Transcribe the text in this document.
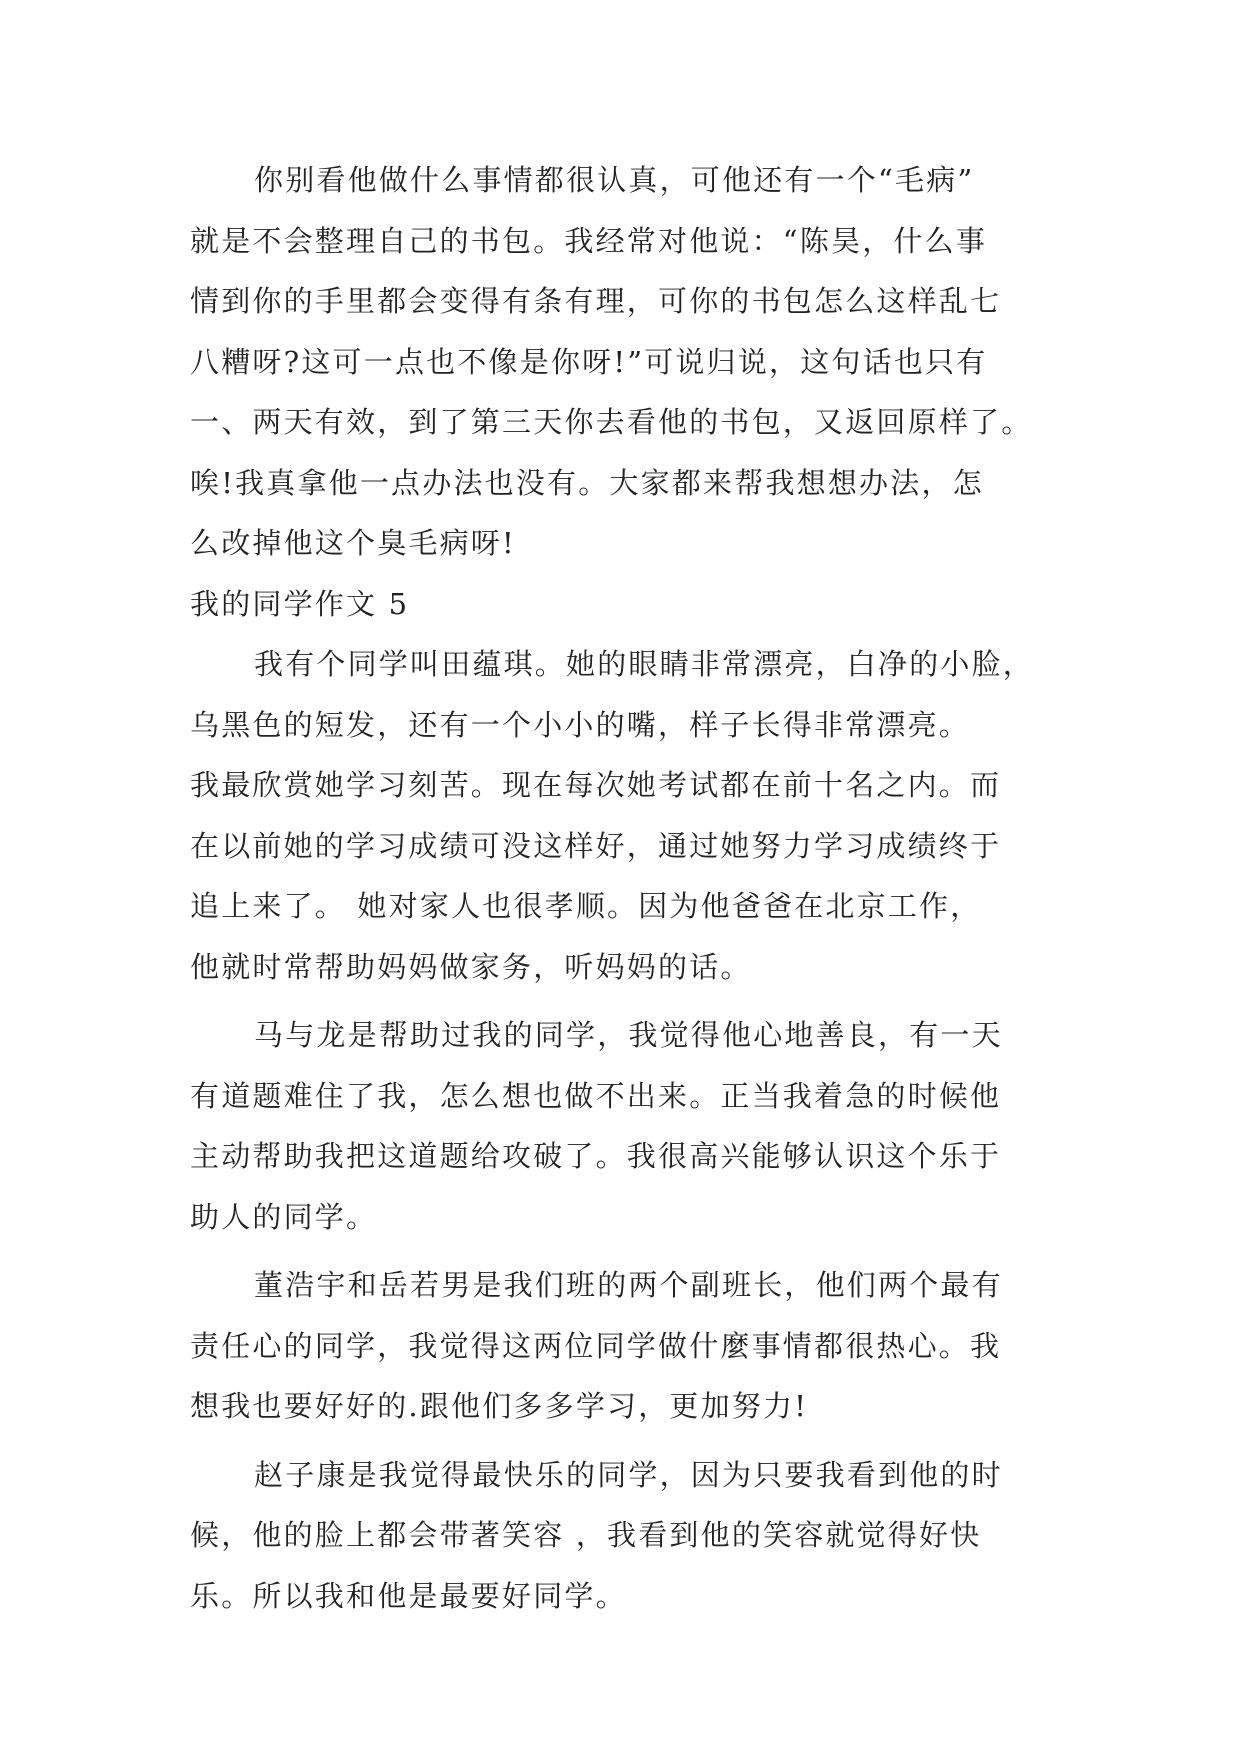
你别看他做什么事情都很认真，可他还有一个“毛病”
就是不会整理自己的书包。我经常对他说：“陈昊，什么事
情到你的手里都会变得有条有理，可你的书包怎么这样乱七
八糟呀?这可一点也不像是你呀!”可说归说，这句话也只有
一、两天有效，到了第三天你去看他的书包，又返回原样了。
唉!我真拿他一点办法也没有。大家都来帮我想想办法，怎
么改掉他这个臭毛病呀!
我的同学作文 5
我有个同学叫田蕴琪。她的眼睛非常漂亮，白净的小脸，
乌黑色的短发，还有一个小小的嘴，样子长得非常漂亮。
我最欣赏她学习刻苦。现在每次她考试都在前十名之内。而
在以前她的学习成绩可没这样好，通过她努力学习成绩终于
追上来了。 她对家人也很孝顺。因为他爸爸在北京工作，
他就时常帮助妈妈做家务，听妈妈的话。
马与龙是帮助过我的同学，我觉得他心地善良，有一天
有道题难住了我，怎么想也做不出来。正当我着急的时候他
主动帮助我把这道题给攻破了。我很高兴能够认识这个乐于
助人的同学。
董浩宇和岳若男是我们班的两个副班长，他们两个最有
责任心的同学，我觉得这两位同学做什麼事情都很热心。我
想我也要好好的.跟他们多多学习，更加努力!
赵子康是我觉得最快乐的同学，因为只要我看到他的时
候，他的脸上都会带著笑容 ，我看到他的笑容就觉得好快
乐。所以我和他是最要好同学。
